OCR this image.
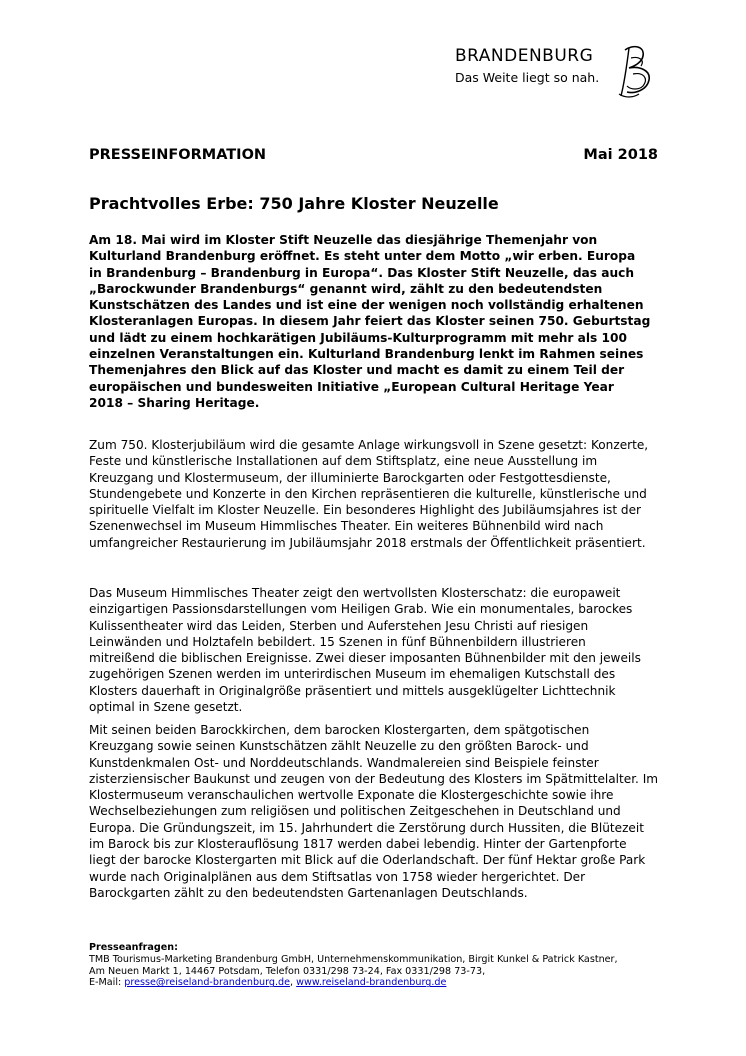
BRANDENBURG
Das Weite liegt so nah.
PRESSEINFORMATION	Mai 2018
Prachtvolles Erbe: 750 Jahre Kloster Neuzelle
Am 18. Mai wird im Kloster Stift Neuzelle das diesjährige Themenjahr von
Kulturland Brandenburg eröffnet. Es steht unter dem Motto „wir erben. Europa
in Brandenburg – Brandenburg in Europa“. Das Kloster Stift Neuzelle, das auch
„Barockwunder Brandenburgs“ genannt wird, zählt zu den bedeutendsten
Kunstschätzen des Landes und ist eine der wenigen noch vollständig erhaltenen
Klosteranlagen Europas. In diesem Jahr feiert das Kloster seinen 750. Geburtstag
und lädt zu einem hochkarätigen Jubiläums-Kulturprogramm mit mehr als 100
einzelnen Veranstaltungen ein. Kulturland Brandenburg lenkt im Rahmen seines
Themenjahres den Blick auf das Kloster und macht es damit zu einem Teil der
europäischen und bundesweiten Initiative „European Cultural Heritage Year
2018 – Sharing Heritage.
Zum 750. Klosterjubiläum wird die gesamte Anlage wirkungsvoll in Szene gesetzt: Konzerte,
Feste und künstlerische Installationen auf dem Stiftsplatz, eine neue Ausstellung im
Kreuzgang und Klostermuseum, der illuminierte Barockgarten oder Festgottesdienste,
Stundengebete und Konzerte in den Kirchen repräsentieren die kulturelle, künstlerische und
spirituelle Vielfalt im Kloster Neuzelle. Ein besonderes Highlight des Jubiläumsjahres ist der
Szenenwechsel im Museum Himmlisches Theater. Ein weiteres Bühnenbild wird nach
umfangreicher Restaurierung im Jubiläumsjahr 2018 erstmals der Öffentlichkeit präsentiert.
Das Museum Himmlisches Theater zeigt den wertvollsten Klosterschatz: die europaweit
einzigartigen Passionsdarstellungen vom Heiligen Grab. Wie ein monumentales, barockes
Kulissentheater wird das Leiden, Sterben und Auferstehen Jesu Christi auf riesigen
Leinwänden und Holztafeln bebildert. 15 Szenen in fünf Bühnenbildern illustrieren
mitreißend die biblischen Ereignisse. Zwei dieser imposanten Bühnenbilder mit den jeweils
zugehörigen Szenen werden im unterirdischen Museum im ehemaligen Kutschstall des
Klosters dauerhaft in Originalgröße präsentiert und mittels ausgeklügelter Lichttechnik
optimal in Szene gesetzt.
Mit seinen beiden Barockkirchen, dem barocken Klostergarten, dem spätgotischen
Kreuzgang sowie seinen Kunstschätzen zählt Neuzelle zu den größten Barock- und
Kunstdenkmalen Ost- und Norddeutschlands. Wandmalereien sind Beispiele feinster
zisterziensischer Baukunst und zeugen von der Bedeutung des Klosters im Spätmittelalter. Im
Klostermuseum veranschaulichen wertvolle Exponate die Klostergeschichte sowie ihre
Wechselbeziehungen zum religiösen und politischen Zeitgeschehen in Deutschland und
Europa. Die Gründungszeit, im 15. Jahrhundert die Zerstörung durch Hussiten, die Blütezeit
im Barock bis zur Klosterauflösung 1817 werden dabei lebendig. Hinter der Gartenpforte
liegt der barocke Klostergarten mit Blick auf die Oderlandschaft. Der fünf Hektar große Park
wurde nach Originalplänen aus dem Stiftsatlas von 1758 wieder hergerichtet. Der
Barockgarten zählt zu den bedeutendsten Gartenanlagen Deutschlands.
Presseanfragen:
TMB Tourismus-Marketing Brandenburg GmbH, Unternehmenskommunikation, Birgit Kunkel & Patrick Kastner,
Am Neuen Markt 1, 14467 Potsdam, Telefon 0331/298 73-24, Fax 0331/298 73-73,
E-Mail: presse@reiseland-brandenburg.de, www.reiseland-brandenburg.de
